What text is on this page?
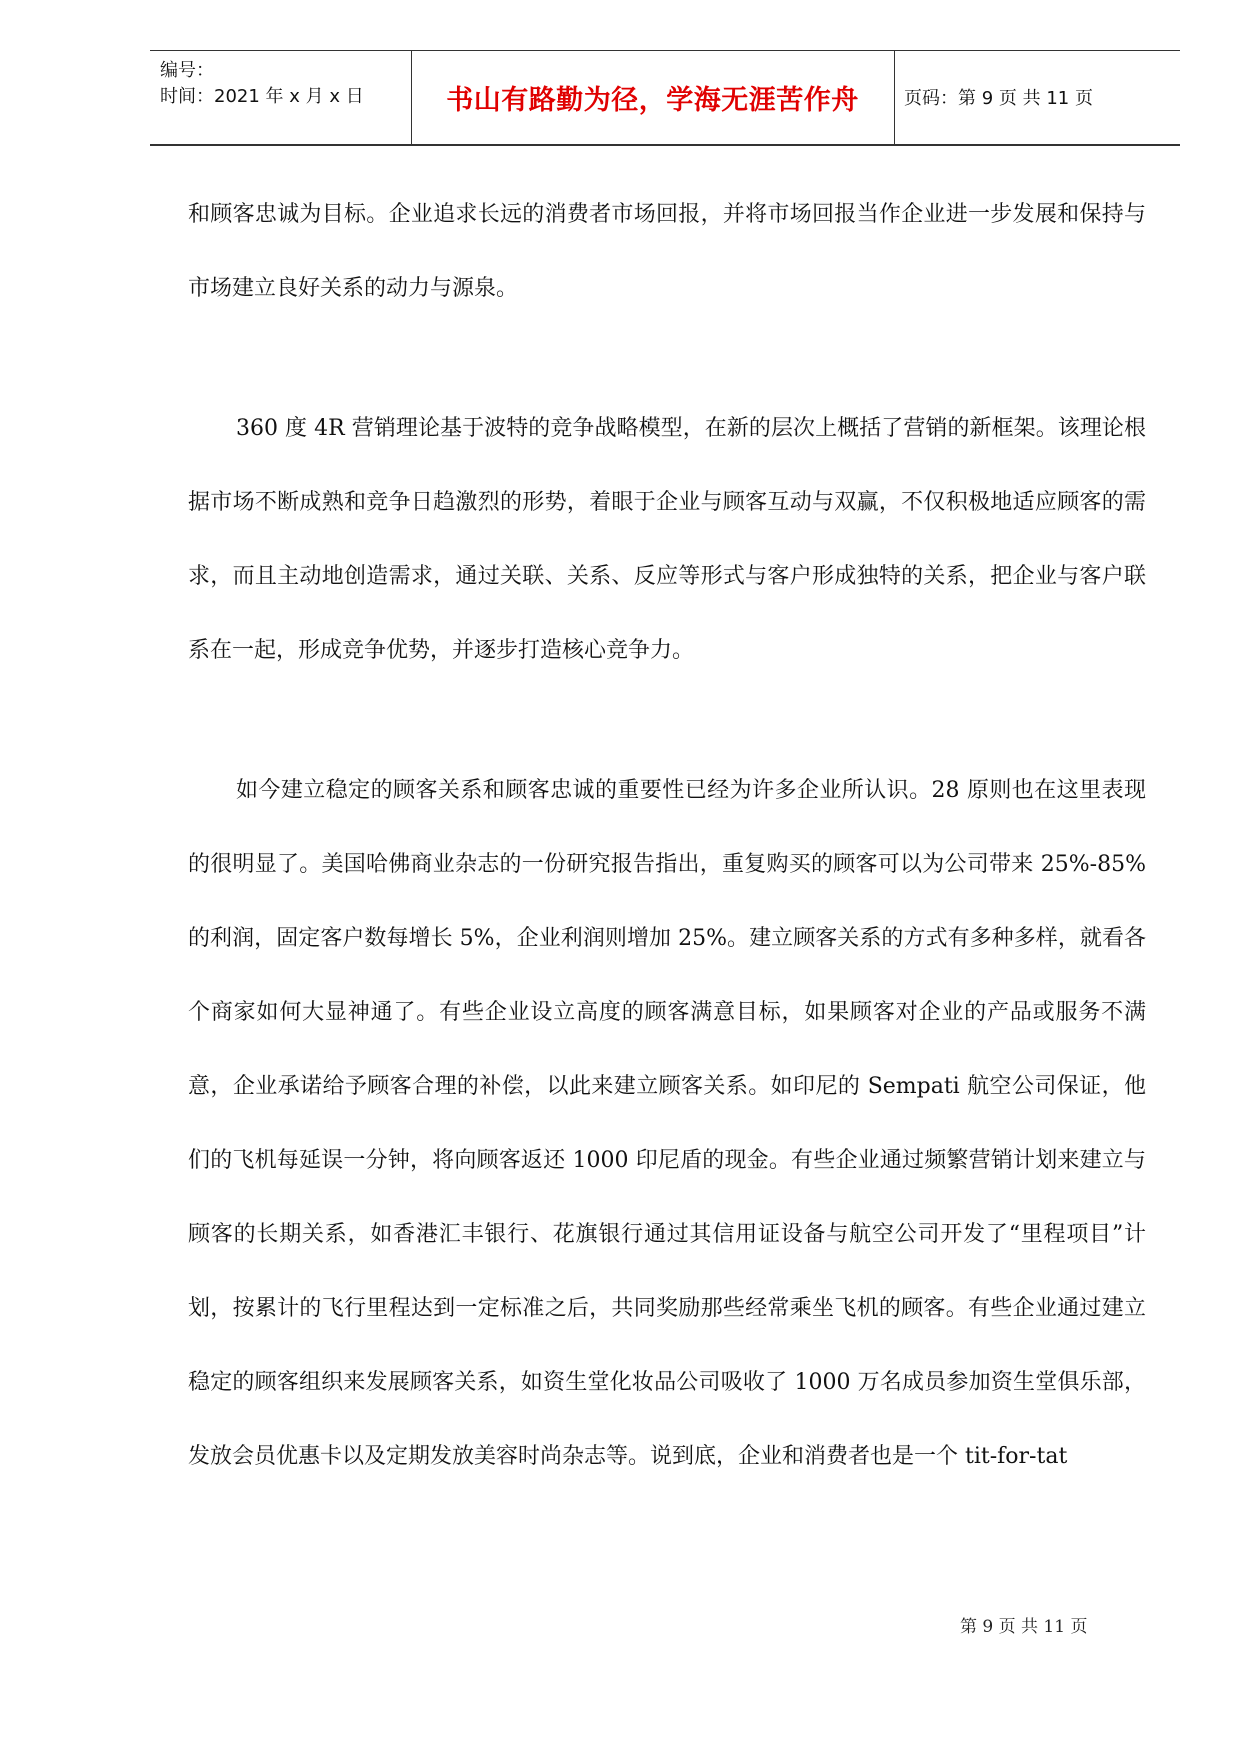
编号：
时间：2021 年 x 月 x 日	书山有路勤为径，学海无涯苦作舟	页码：第 9 页 共 11 页

和顾客忠诚为目标。企业追求长远的消费者市场回报，并将市场回报当作企业进一步发展和保持与市场建立良好关系的动力与源泉。

360 度 4R 营销理论基于波特的竞争战略模型，在新的层次上概括了营销的新框架。该理论根据市场不断成熟和竞争日趋激烈的形势，着眼于企业与顾客互动与双赢，不仅积极地适应顾客的需求，而且主动地创造需求，通过关联、关系、反应等形式与客户形成独特的关系，把企业与客户联系在一起，形成竞争优势，并逐步打造核心竞争力。

如今建立稳定的顾客关系和顾客忠诚的重要性已经为许多企业所认识。28 原则也在这里表现的很明显了。美国哈佛商业杂志的一份研究报告指出，重复购买的顾客可以为公司带来 25%-85%的利润，固定客户数每增长 5%，企业利润则增加 25%。建立顾客关系的方式有多种多样，就看各个商家如何大显神通了。有些企业设立高度的顾客满意目标，如果顾客对企业的产品或服务不满意，企业承诺给予顾客合理的补偿，以此来建立顾客关系。如印尼的 Sempati 航空公司保证，他们的飞机每延误一分钟，将向顾客返还 1000 印尼盾的现金。有些企业通过频繁营销计划来建立与顾客的长期关系，如香港汇丰银行、花旗银行通过其信用证设备与航空公司开发了“里程项目”计划，按累计的飞行里程达到一定标准之后，共同奖励那些经常乘坐飞机的顾客。有些企业通过建立稳定的顾客组织来发展顾客关系，如资生堂化妆品公司吸收了 1000 万名成员参加资生堂俱乐部，发放会员优惠卡以及定期发放美容时尚杂志等。说到底，企业和消费者也是一个 tit-for-tat

第 9 页 共 11 页
